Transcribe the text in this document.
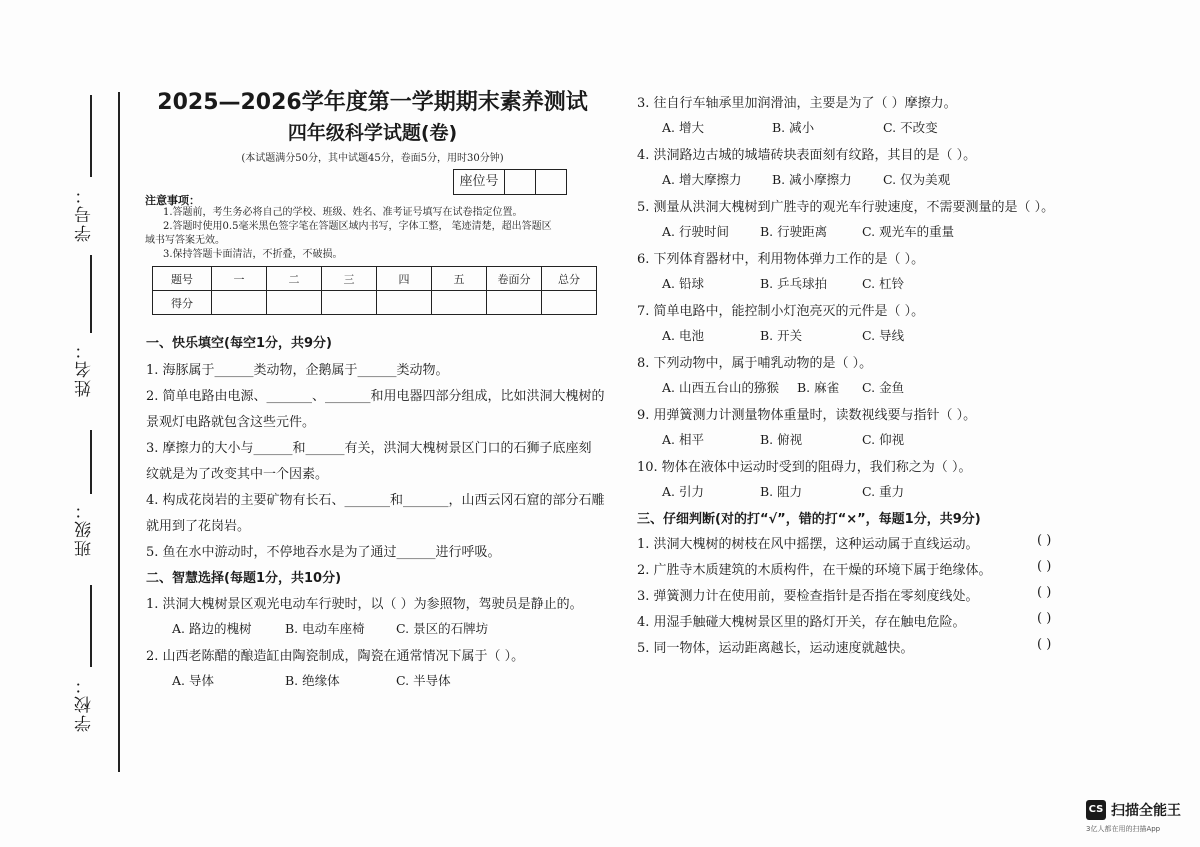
学号：
姓名：
班级：
学校：
2025—2026学年度第一学期期末素养测试
四年级科学试题(卷)
(本试题满分50分，其中试题45分，卷面5分，用时30分钟)
座位号
注意事项：
1.答题前，考生务必将自己的学校、班级、姓名、准考证号填写在试卷指定位置。
2.答题时使用0.5毫米黑色签字笔在答题区域内书写，字体工整， 笔迹清楚，超出答题区
域书写答案无效。
3.保持答题卡面清洁，不折叠，不破损。
题号	一	二	三	四	五	卷面分	总分
得分							
一、快乐填空(每空1分，共9分)
1. 海豚属于______类动物，企鹅属于______类动物。
2. 简单电路由电源、_______、_______和用电器四部分组成，比如洪洞大槐树的
景观灯电路就包含这些元件。
3. 摩擦力的大小与______和______有关，洪洞大槐树景区门口的石狮子底座刻
纹就是为了改变其中一个因素。
4. 构成花岗岩的主要矿物有长石、_______和_______，山西云冈石窟的部分石雕
就用到了花岗岩。
5. 鱼在水中游动时，不停地吞水是为了通过______进行呼吸。
二、智慧选择(每题1分，共10分)
1. 洪洞大槐树景区观光电动车行驶时，以（ ）为参照物，驾驶员是静止的。
A. 路边的槐树	B. 电动车座椅	C. 景区的石牌坊
2. 山西老陈醋的酿造缸由陶瓷制成，陶瓷在通常情况下属于（ ）。
A. 导体	B. 绝缘体	C. 半导体
3. 往自行车轴承里加润滑油，主要是为了（ ）摩擦力。
A. 增大	B. 减小	C. 不改变
4. 洪洞路边古城的城墙砖块表面刻有纹路，其目的是（ ）。
A. 增大摩擦力 B. 减小摩擦力	C. 仅为美观
5. 测量从洪洞大槐树到广胜寺的观光车行驶速度，不需要测量的是（ ）。
A. 行驶时间 B. 行驶距离	C. 观光车的重量
6. 下列体育器材中，利用物体弹力工作的是（ ）。
A. 铅球	B. 乒乓球拍	C. 杠铃
7. 简单电路中，能控制小灯泡亮灭的元件是（ ）。
A. 电池	B. 开关	C. 导线
8. 下列动物中，属于哺乳动物的是（ ）。
A. 山西五台山的猕猴 B. 麻雀 C. 金鱼
9. 用弹簧测力计测量物体重量时，读数视线要与指针（ ）。
A. 相平	B. 俯视	C. 仰视
10. 物体在液体中运动时受到的阻碍力，我们称之为（ ）。
A. 引力	B. 阻力	C. 重力
三、仔细判断(对的打“√”，错的打“×”，每题1分，共9分)
1. 洪洞大槐树的树枝在风中摇摆，这种运动属于直线运动。	( )
2. 广胜寺木质建筑的木质构件，在干燥的环境下属于绝缘体。	( )
3. 弹簧测力计在使用前，要检查指针是否指在零刻度线处。	( )
4. 用湿手触碰大槐树景区里的路灯开关，存在触电危险。	( )
5. 同一物体，运动距离越长，运动速度就越快。	( )
CS 扫描全能王
3亿人都在用的扫描App
